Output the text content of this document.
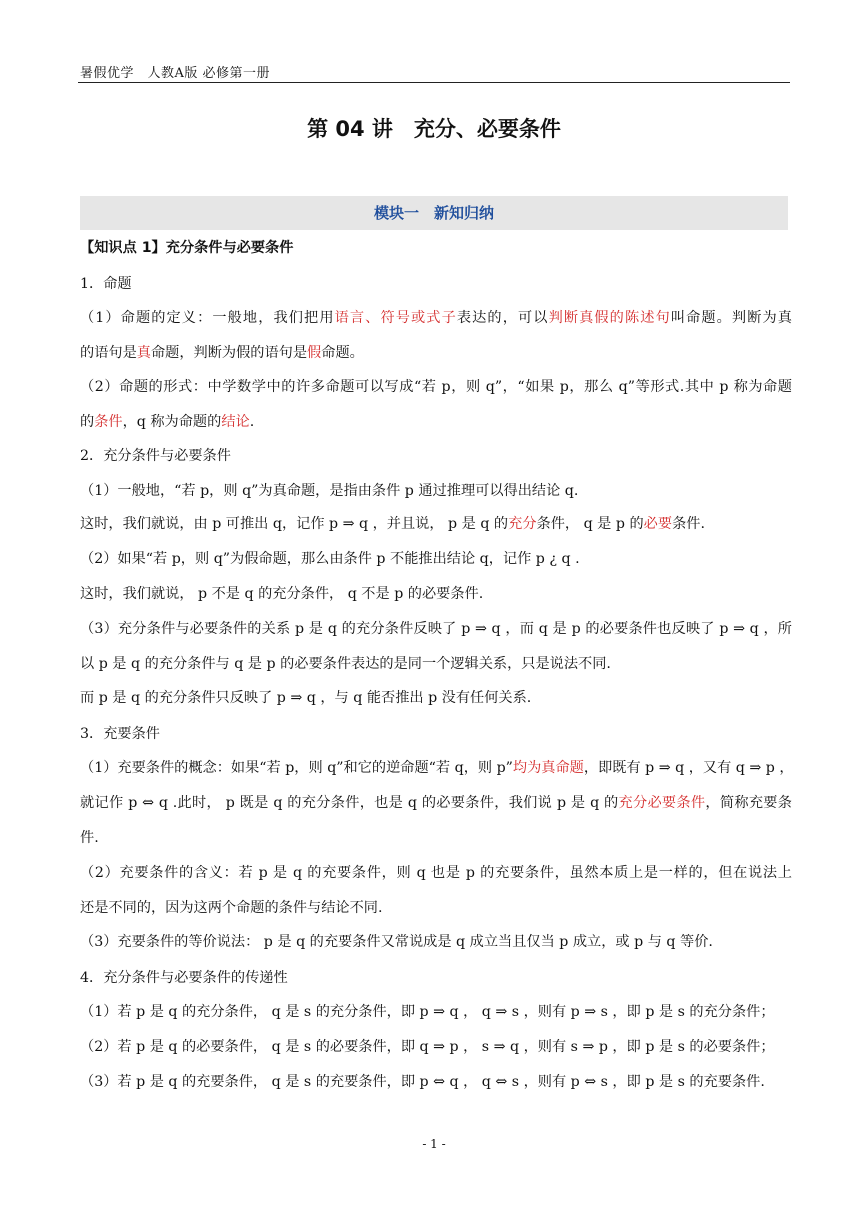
暑假优学　人教A版 必修第一册
第 04 讲　充分、必要条件
模块一　新知归纳
【知识点 1】充分条件与必要条件
1．命题
（1）命题的定义：一般地，我们把用语言、符号或式子表达的，可以判断真假的陈述句叫命题。判断为真
的语句是真命题，判断为假的语句是假命题。
（2）命题的形式：中学数学中的许多命题可以写成“若 p，则 q”，“如果 p，那么 q”等形式.其中 p 称为命题
的条件，q 称为命题的结论.
2．充分条件与必要条件
（1）一般地，“若 p，则 q”为真命题，是指由条件 p 通过推理可以得出结论 q.
这时，我们就说，由 p 可推出 q，记作 p ⇒ q ，并且说， p 是 q 的充分条件， q 是 p 的必要条件.
（2）如果“若 p，则 q”为假命题，那么由条件 p 不能推出结论 q，记作 p ¿ q .
这时，我们就说， p 不是 q 的充分条件， q 不是 p 的必要条件.
（3）充分条件与必要条件的关系 p 是 q 的充分条件反映了 p ⇒ q ，而 q 是 p 的必要条件也反映了 p ⇒ q ，所
以 p 是 q 的充分条件与 q 是 p 的必要条件表达的是同一个逻辑关系，只是说法不同.
而 p 是 q 的充分条件只反映了 p ⇒ q ，与 q 能否推出 p 没有任何关系.
3．充要条件
（1）充要条件的概念：如果“若 p，则 q”和它的逆命题“若 q，则 p”均为真命题，即既有 p ⇒ q ，又有 q ⇒ p ，
就记作 p ⇔ q .此时， p 既是 q 的充分条件，也是 q 的必要条件，我们说 p 是 q 的充分必要条件，简称充要条
件.
（2）充要条件的含义：若 p 是 q 的充要条件，则 q 也是 p 的充要条件，虽然本质上是一样的，但在说法上
还是不同的，因为这两个命题的条件与结论不同.
（3）充要条件的等价说法： p 是 q 的充要条件又常说成是 q 成立当且仅当 p 成立，或 p 与 q 等价.
4．充分条件与必要条件的传递性
（1）若 p 是 q 的充分条件， q 是 s 的充分条件，即 p ⇒ q ， q ⇒ s ，则有 p ⇒ s ，即 p 是 s 的充分条件；
（2）若 p 是 q 的必要条件， q 是 s 的必要条件，即 q ⇒ p ， s ⇒ q ，则有 s ⇒ p ，即 p 是 s 的必要条件；
（3）若 p 是 q 的充要条件， q 是 s 的充要条件，即 p ⇔ q ， q ⇔ s ，则有 p ⇔ s ，即 p 是 s 的充要条件.
- 1 -
